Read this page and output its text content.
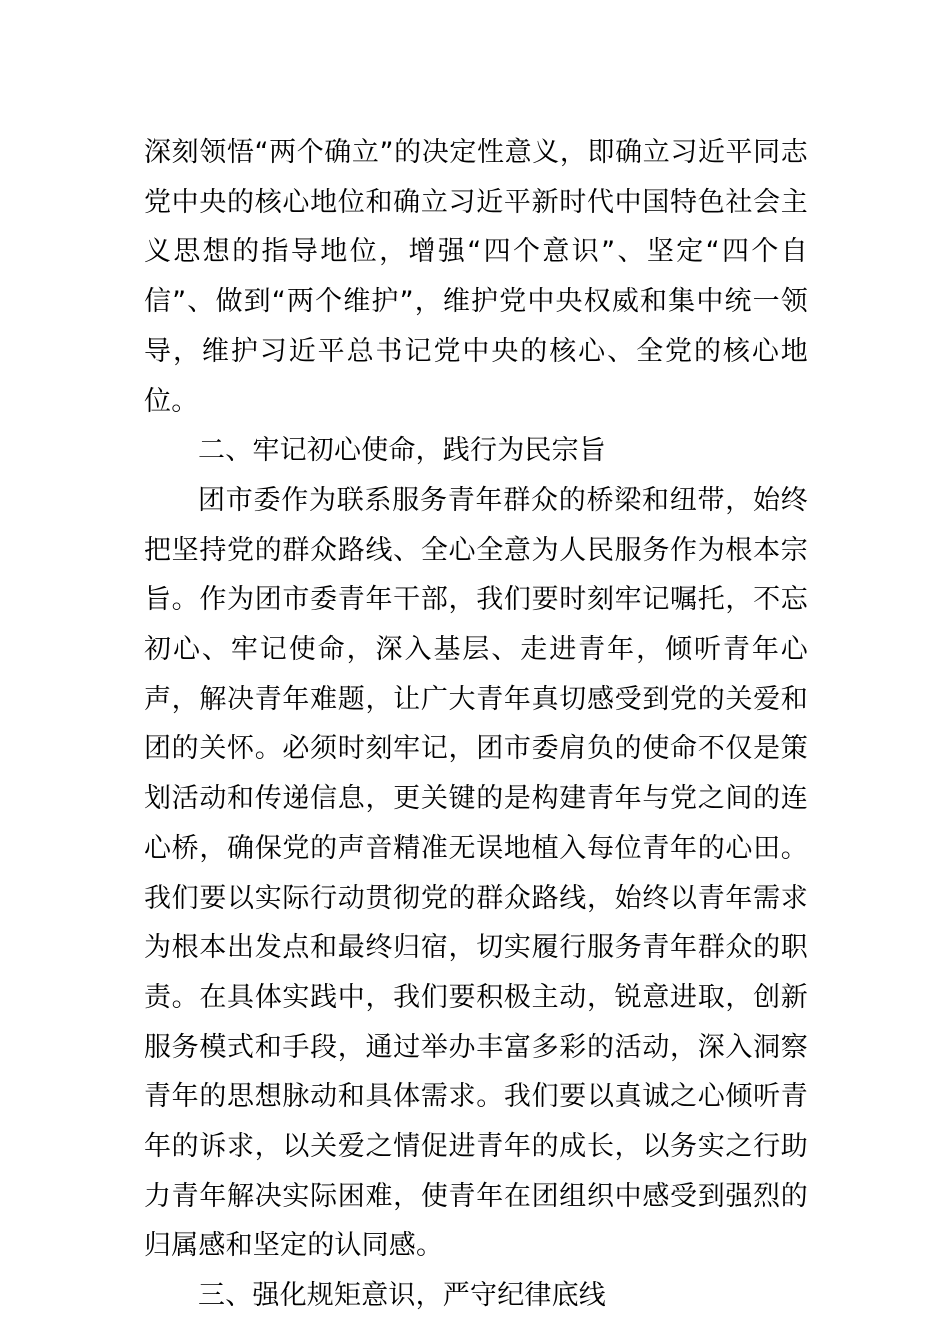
深刻领悟“两个确立”的决定性意义，即确立习近平同志党中央的核心地位和确立习近平新时代中国特色社会主义思想的指导地位，增强“四个意识”、坚定“四个自信”、做到“两个维护”，维护党中央权威和集中统一领导，维护习近平总书记党中央的核心、全党的核心地位。

二、牢记初心使命，践行为民宗旨

团市委作为联系服务青年群众的桥梁和纽带，始终把坚持党的群众路线、全心全意为人民服务作为根本宗旨。作为团市委青年干部，我们要时刻牢记嘱托，不忘初心、牢记使命，深入基层、走进青年，倾听青年心声，解决青年难题，让广大青年真切感受到党的关爱和团的关怀。必须时刻牢记，团市委肩负的使命不仅是策划活动和传递信息，更关键的是构建青年与党之间的连心桥，确保党的声音精准无误地植入每位青年的心田。我们要以实际行动贯彻党的群众路线，始终以青年需求为根本出发点和最终归宿，切实履行服务青年群众的职责。在具体实践中，我们要积极主动，锐意进取，创新服务模式和手段，通过举办丰富多彩的活动，深入洞察青年的思想脉动和具体需求。我们要以真诚之心倾听青年的诉求，以关爱之情促进青年的成长，以务实之行助力青年解决实际困难，使青年在团组织中感受到强烈的归属感和坚定的认同感。

三、强化规矩意识，严守纪律底线
